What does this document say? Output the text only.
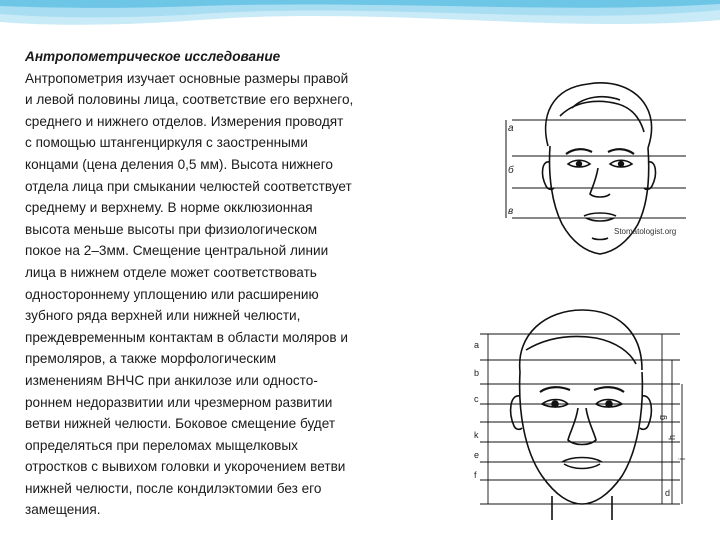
Антропометрическое исследование
Антропометрия изучает основные размеры правой
и левой половины лица, соответствие его верхнего,
среднего и нижнего отделов. Измерения проводят
с помощью штангенциркуля с заостренными
концами (цена деления 0,5 мм). Высота нижнего
отдела лица при смыкании челюстей соответствует
среднему и верхнему. В норме окклюзионная
высота меньше высоты при физиологическом
покое на 2–3мм. Смещение центральной линии
лица в нижнем отделе может соответствовать
одностороннему уплощению или расширению
зубного ряда верхней или нижней челюсти,
преждевременным контактам в области моляров и
премоляров, а также морфологическим
изменениям ВНЧС при анкилозе или односто-
роннем недоразвитии или чрезмерном развитии
ветви нижней челюсти. Боковое смещение будет
определяться при переломах мыщелковых
отростков с вывихом головки и укорочением ветви
нижней челюсти, после кондилэктомии без его
замещения.
а
б
в
Stomatologist.org
a
b
c
k
e
f
g
h
i
d
